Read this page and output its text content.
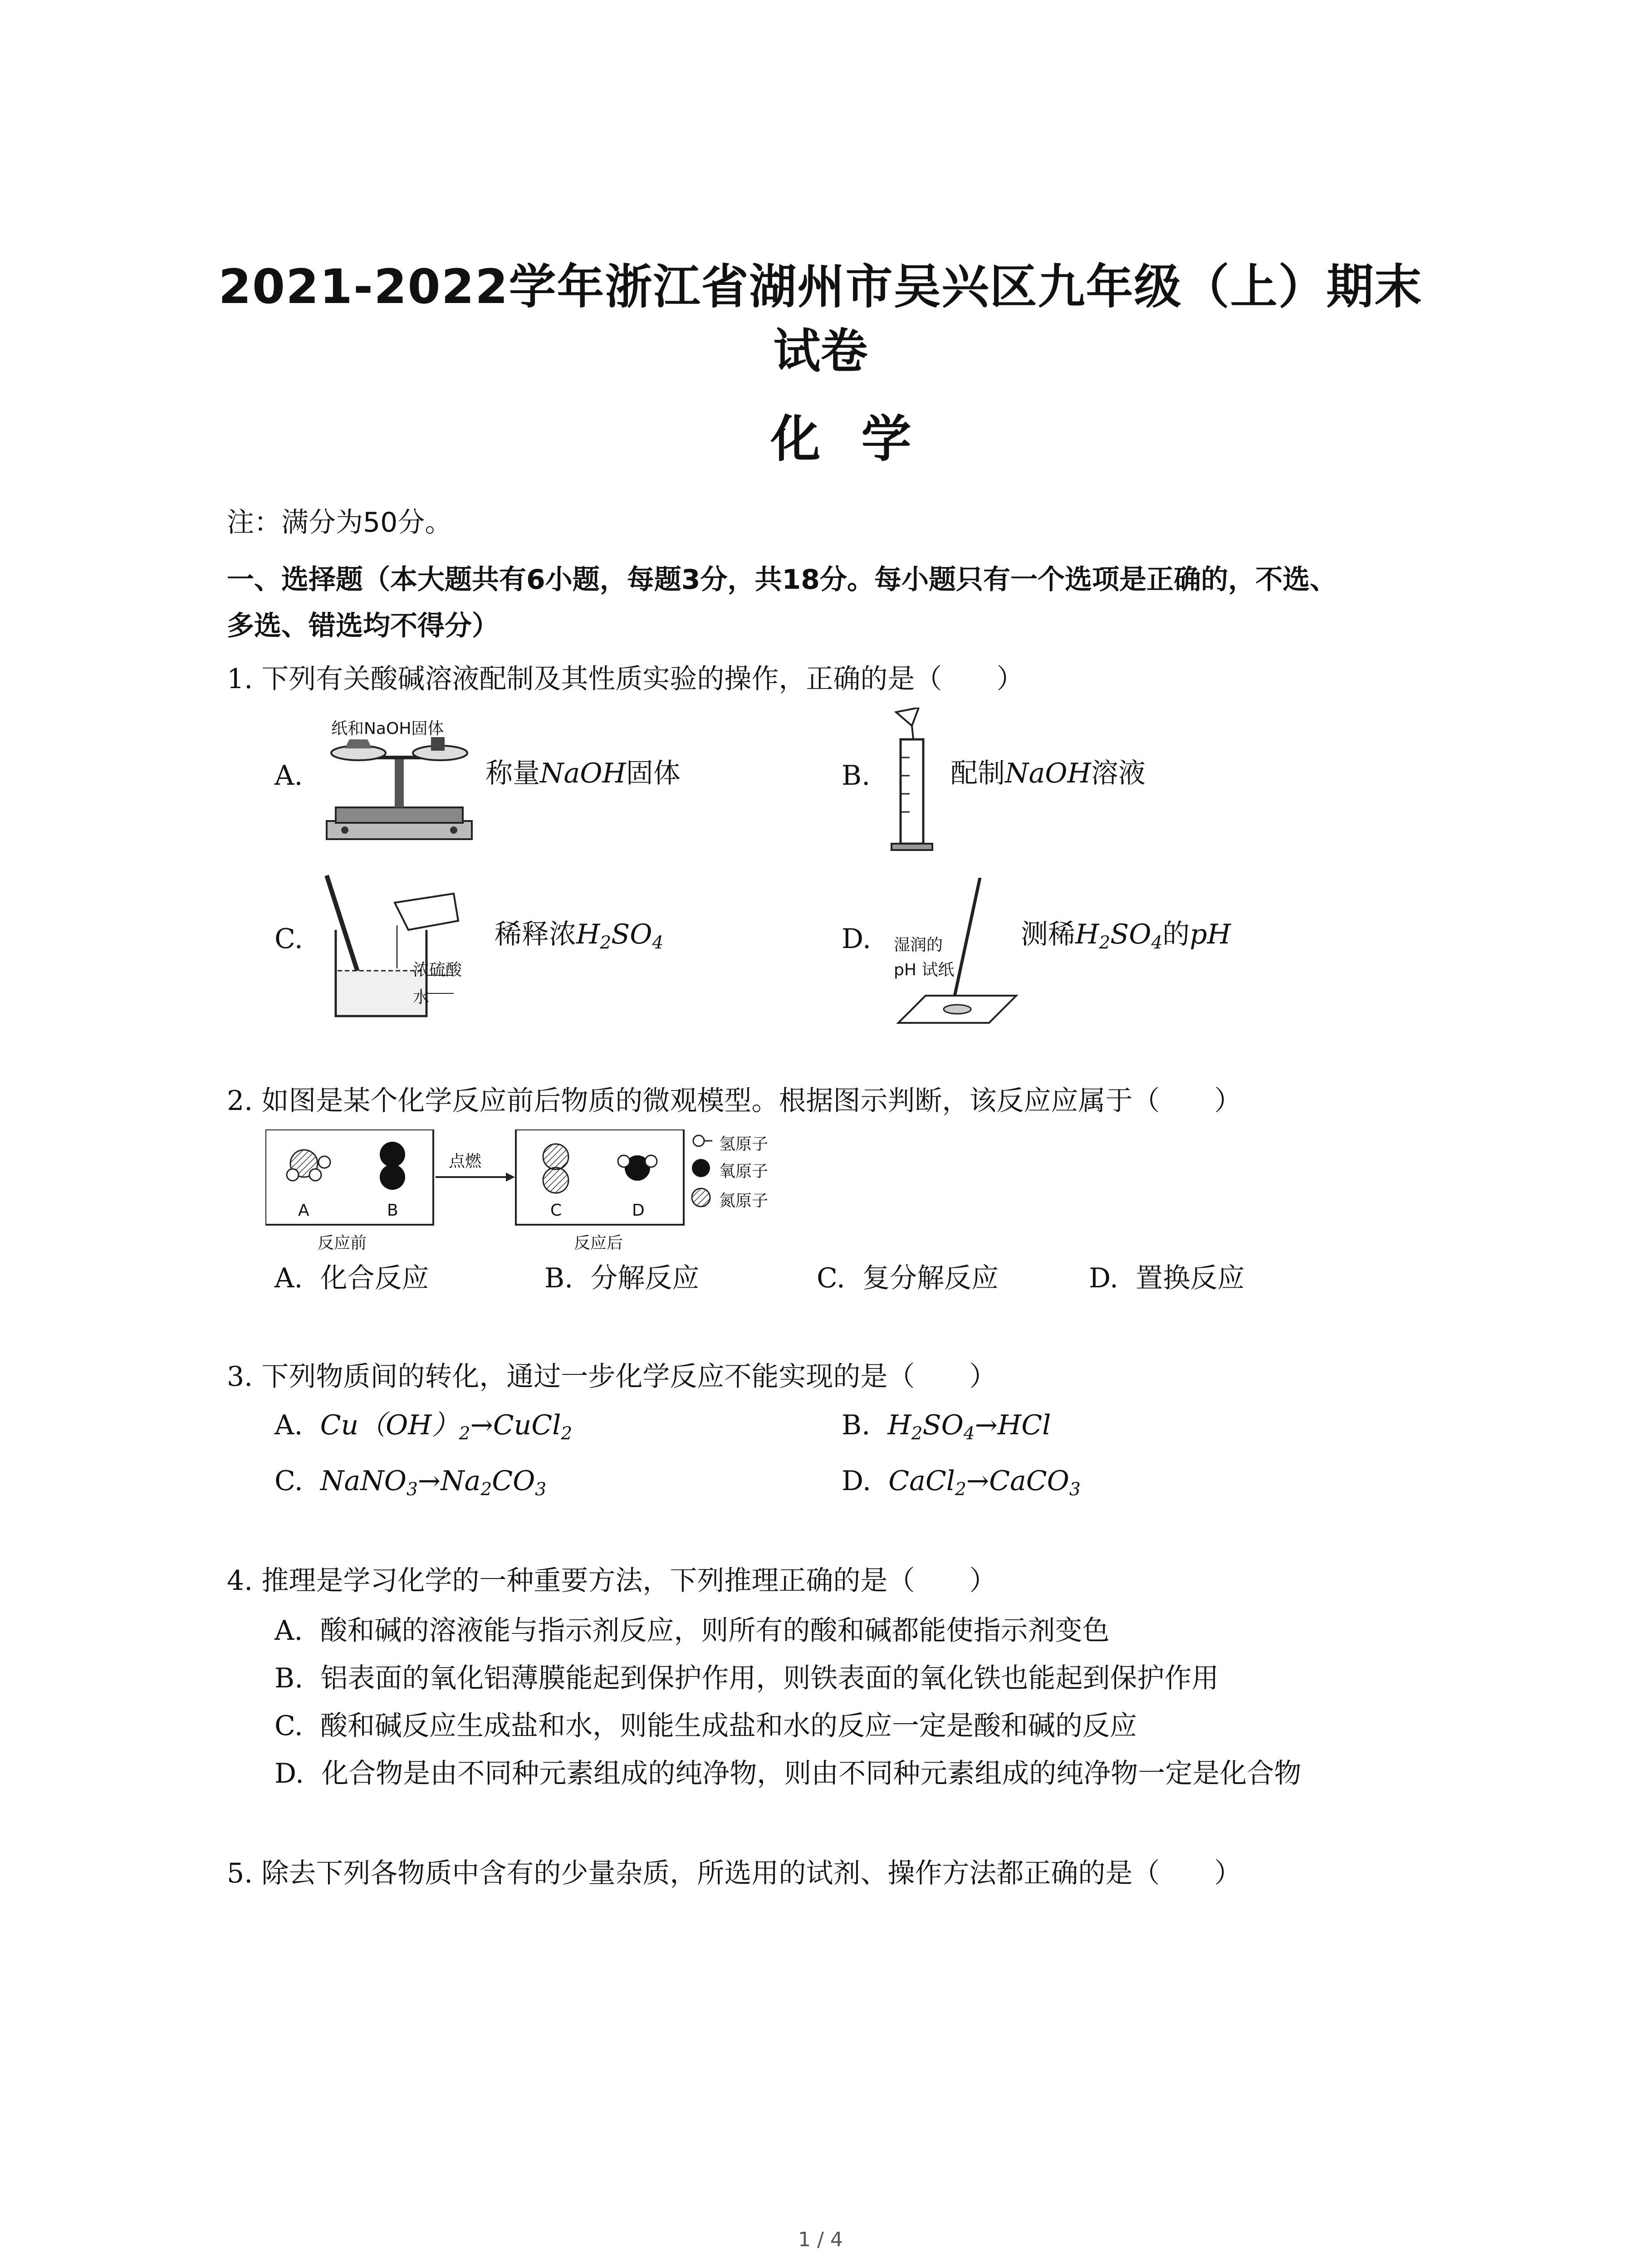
2021-2022学年浙江省湖州市吴兴区九年级（上）期末
试卷
化学
注：满分为50分。
一、选择题（本大题共有6小题，每题3分，共18分。每小题只有一个选项是正确的，不选、
多选、错选均不得分）
1. 下列有关酸碱溶液配制及其性质实验的操作，正确的是（　　）
A.
纸和NaOH固体
称量NaOH固体	B.	配制NaOH溶液
C.
浓硫酸
水
稀释浓$H_2SO_4$	D. 湿润的
pH 试纸
测稀$H_2SO_4$的pH
2. 如图是某个化学反应前后物质的微观模型。根据图示判断，该反应应属于（　　）
点燃
A	B	C	D
反应前	反应后
氢原子
氧原子
氮原子
A. 化合反应	B. 分解反应	C. 复分解反应	D. 置换反应
3. 下列物质间的转化，通过一步化学反应不能实现的是（　　）
A. $Cu(OH)_2\to CuCl_2$	B. $H_2SO_4\to HCl$
C. $NaNO_3\to Na_2CO_3$	D. CaCl$_2$→CaCO$_3$
4. 推理是学习化学的一种重要方法，下列推理正确的是（　　）
A. 酸和碱的溶液能与指示剂反应，则所有的酸和碱都能使指示剂变色
B. 铝表面的氧化铝薄膜能起到保护作用，则铁表面的氧化铁也能起到保护作用
C. 酸和碱反应生成盐和水，则能生成盐和水的反应一定是酸和碱的反应
D. 化合物是由不同种元素组成的纯净物，则由不同种元素组成的纯净物一定是化合物
5. 除去下列各物质中含有的少量杂质，所选用的试剂、操作方法都正确的是（　　）
1 / 4
